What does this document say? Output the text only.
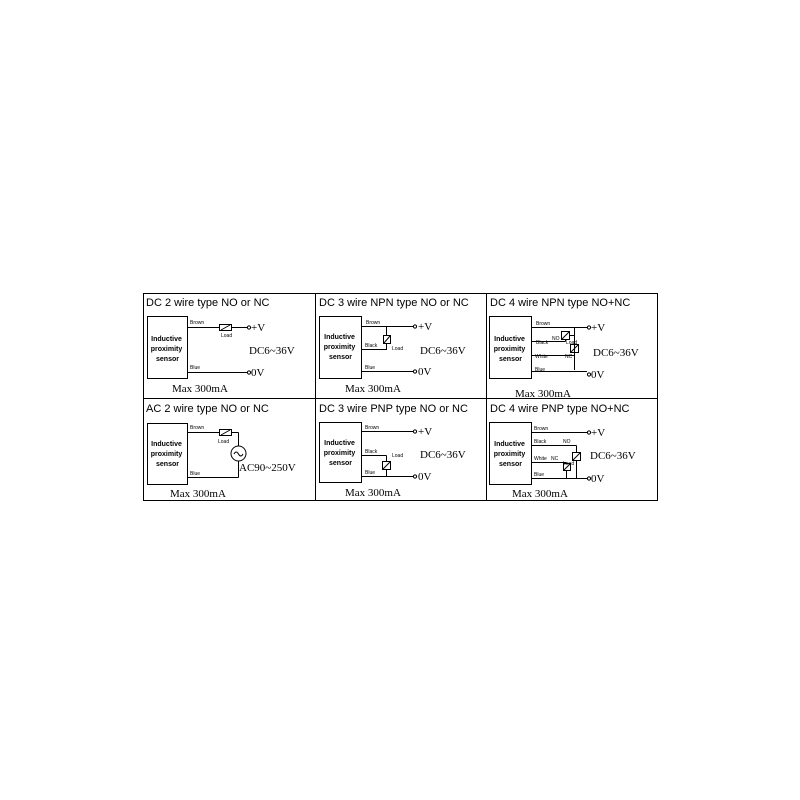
DC 2 wire type NO or NC
Inductive proximity sensor
Brown
Load
Blue
+V
0V
DC6~36V
Max 300mA
DC 3 wire NPN type NO or NC
Inductive proximity sensor
Brown
Black	Load
Blue
+V
0V
DC6~36V
Max 300mA
DC 4 wire NPN type NO+NC
Inductive proximity sensor
Brown
Black
NO
Load
White	NC
Blue
+V
0V
DC6~36V
Max 300mA
AC 2 wire type NO or NC
Inductive proximity sensor
Brown
Load
Blue	AC90~250V
Max 300mA
DC 3 wire PNP type NO or NC
Inductive proximity sensor
Brown
Black
Load
Blue
+V
0V
DC6~36V
Max 300mA
DC 4 wire PNP type NO+NC
Inductive proximity sensor
Brown
Black	NO
White NC
Load
Blue
+V
0V
DC6~36V
Max 300mA
